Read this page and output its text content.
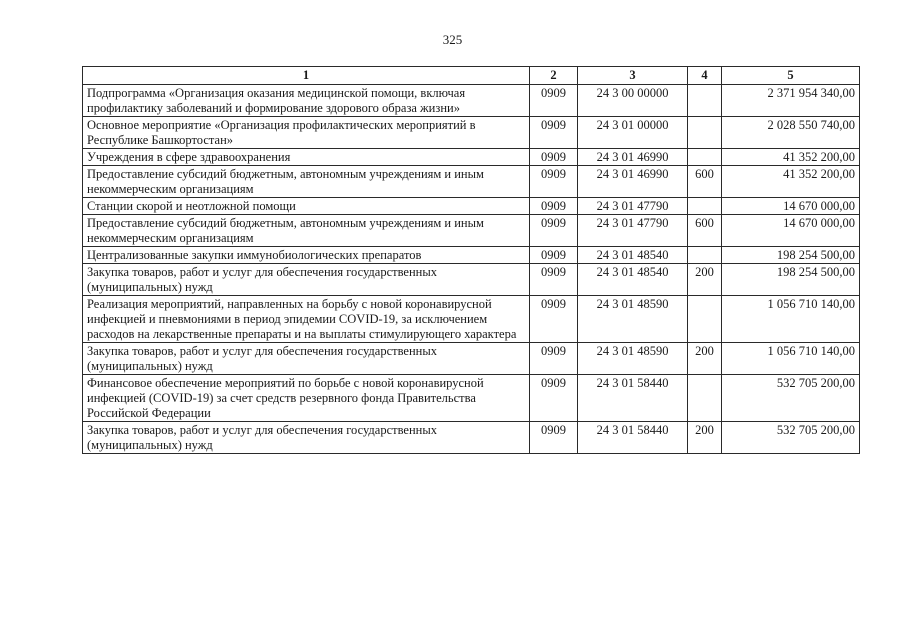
325
1	2	3	4	5
Подпрограмма «Организация оказания медицинской помощи, включая профилактику заболеваний и формирование здорового образа жизни»	0909	24 3 00 00000		2 371 954 340,00
Основное мероприятие «Организация профилактических мероприятий в Республике Башкортостан»	0909	24 3 01 00000		2 028 550 740,00
Учреждения в сфере здравоохранения	0909	24 3 01 46990		41 352 200,00
Предоставление субсидий бюджетным, автономным учреждениям и иным некоммерческим организациям	0909	24 3 01 46990	600	41 352 200,00
Станции скорой и неотложной помощи	0909	24 3 01 47790		14 670 000,00
Предоставление субсидий бюджетным, автономным учреждениям и иным некоммерческим организациям	0909	24 3 01 47790	600	14 670 000,00
Централизованные закупки иммунобиологических препаратов	0909	24 3 01 48540		198 254 500,00
Закупка товаров, работ и услуг для обеспечения государственных (муниципальных) нужд	0909	24 3 01 48540	200	198 254 500,00
Реализация мероприятий, направленных на борьбу с новой коронавирусной инфекцией и пневмониями в период эпидемии COVID-19, за исключением расходов на лекарственные препараты и на выплаты стимулирующего характера	0909	24 3 01 48590		1 056 710 140,00
Закупка товаров, работ и услуг для обеспечения государственных (муниципальных) нужд	0909	24 3 01 48590	200	1 056 710 140,00
Финансовое обеспечение мероприятий по борьбе с новой коронавирусной инфекцией (COVID-19) за счет средств резервного фонда Правительства Российской Федерации	0909	24 3 01 58440		532 705 200,00
Закупка товаров, работ и услуг для обеспечения государственных (муниципальных) нужд	0909	24 3 01 58440	200	532 705 200,00
